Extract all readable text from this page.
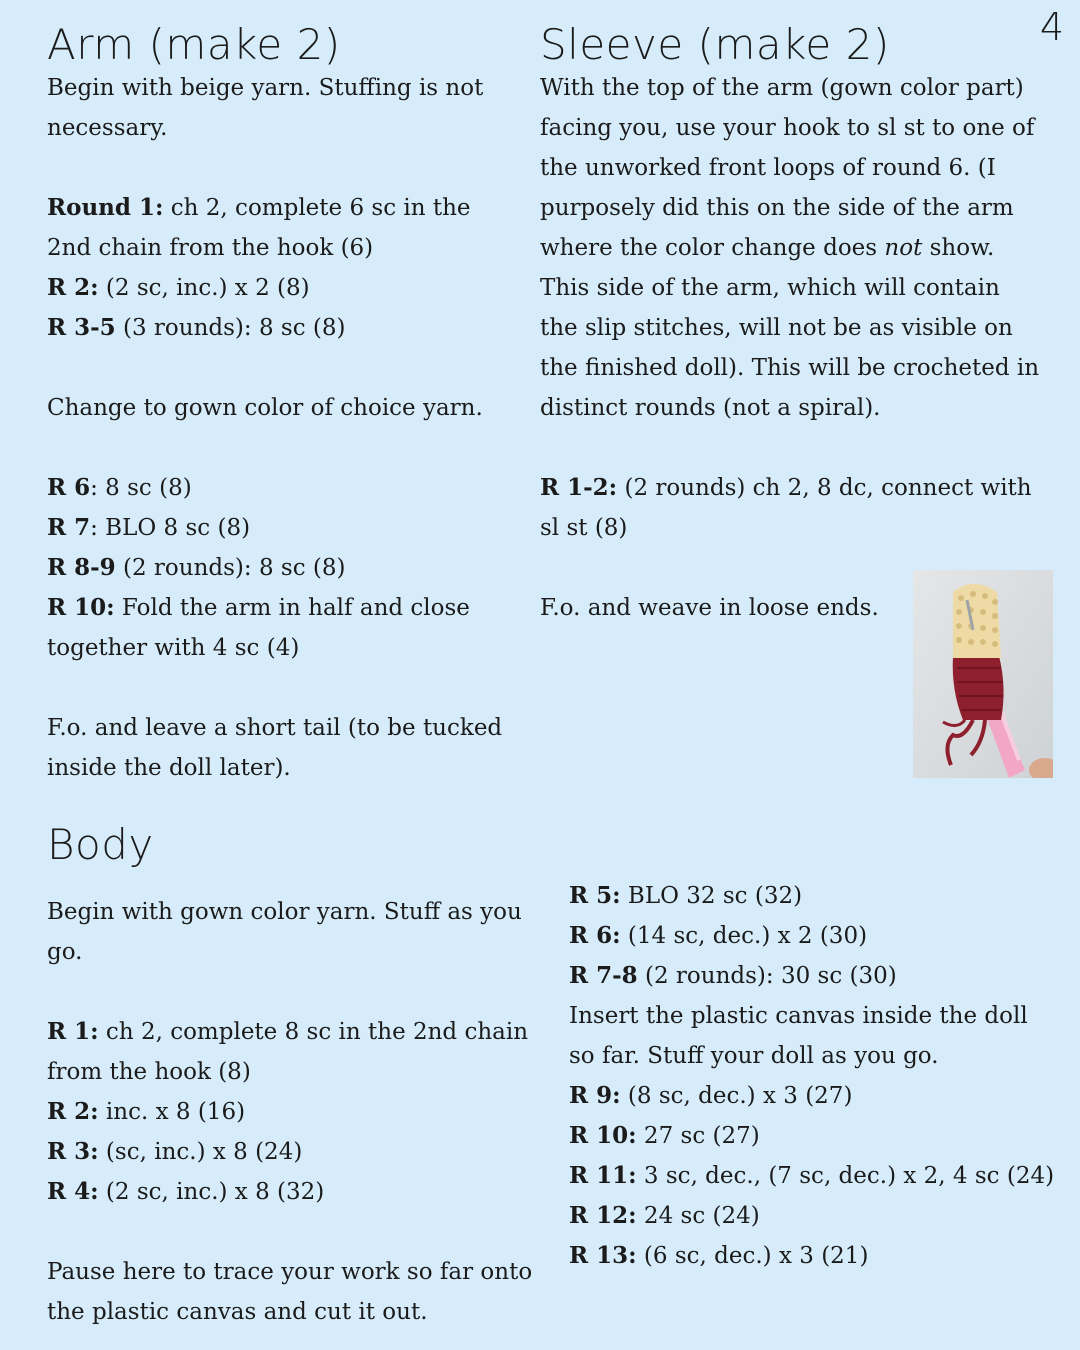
4
Arm (make 2)

Begin with beige yarn. Stuffing is not necessary.

Round 1: ch 2, complete 6 sc in the 2nd chain from the hook (6)

R 2: (2 sc, inc.) x 2 (8)

R 3-5 (3 rounds): 8 sc (8)

Change to gown color of choice yarn.

R 6: 8 sc (8)

R 7: BLO 8 sc (8)

R 8-9 (2 rounds): 8 sc (8)

R 10: Fold the arm in half and close together with 4 sc (4)

F.o. and leave a short tail (to be tucked inside the doll later).

Sleeve (make 2)

With the top of the arm (gown color part) facing you, use your hook to sl st to one of the unworked front loops of round 6. (I purposely did this on the side of the arm where the color change does not show. This side of the arm, which will contain the slip stitches, will not be as visible on the finished doll). This will be crocheted in distinct rounds (not a spiral).

R 1-2: (2 rounds) ch 2, 8 dc, connect with sl st (8)

F.o. and weave in loose ends.

Body

Begin with gown color yarn. Stuff as you go.

R 1: ch 2, complete 8 sc in the 2nd chain from the hook (8)

R 2: inc. x 8 (16)

R 3: (sc, inc.) x 8 (24)

R 4: (2 sc, inc.) x 8 (32)

Pause here to trace your work so far onto the plastic canvas and cut it out.

R 5: BLO 32 sc (32)

R 6: (14 sc, dec.) x 2 (30)

R 7-8 (2 rounds): 30 sc (30)

Insert the plastic canvas inside the doll so far. Stuff your doll as you go.

R 9: (8 sc, dec.) x 3 (27)

R 10: 27 sc (27)

R 11: 3 sc, dec., (7 sc, dec.) x 2, 4 sc (24)

R 12: 24 sc (24)

R 13: (6 sc, dec.) x 3 (21)
